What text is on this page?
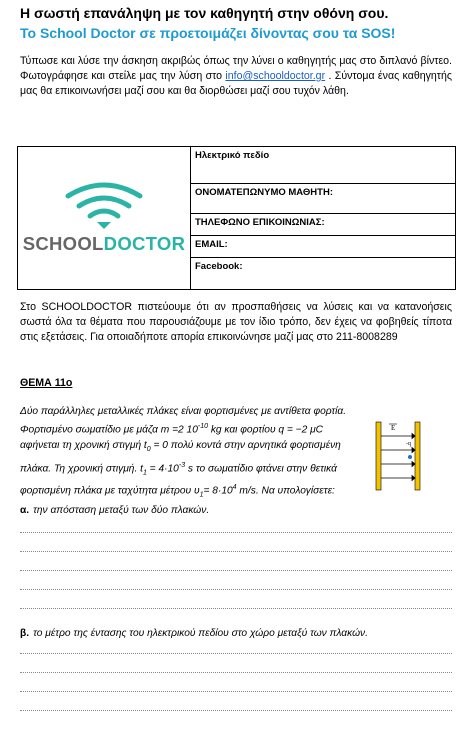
Η σωστή επανάληψη με τον καθηγητή στην οθόνη σου.
Το School Doctor σε προετοιμάζει δίνοντας σου τα SOS!
Τύπωσε και λύσε την άσκηση ακριβώς όπως την λύνει ο καθηγητής μας στο διπλανό βίντεο. Φωτογράφησε και στείλε μας την λύση στο info@schooldoctor.gr . Σύντομα ένας καθηγητής μας θα επικοινωνήσει μαζί σου και θα διορθώσει μαζί σου τυχόν λάθη.
SCHOOLDOCTOR
	Ηλεκτρικό πεδίο
ΟΝΟΜΑΤΕΠΩΝΥΜΟ ΜΑΘΗΤΗ:
ΤΗΛΕΦΩΝΟ ΕΠΙΚΟΙΝΩΝΙΑΣ:
EMAIL:
Facebook:
Στο SCHOOLDOCTOR πιστεύουμε ότι αν προσπαθήσεις να λύσεις και να κατανοήσεις σωστά όλα τα θέματα που παρουσιάζουμε με τον ίδιο τρόπο, δεν έχεις να φοβηθείς τίποτα στις εξετάσεις. Για οποιαδήποτε απορία επικοινώνησε μαζί μας στο 211-8008289
ΘΕΜΑ 11ο
Δύο παράλληλες μεταλλικές πλάκες είναι φορτισμένες με αντίθετα φορτία. Φορτισμένο σωματίδιο με μάζα m =2 $10^{-10}$ kg και φορτίου q = −2 μC αφήνεται τη χρονική στιγμή $t_0 = 0$ πολύ κοντά στην αρνητικά φορτισμένη πλάκα. Τη χρονική στιγμή. $t_1 = 4\cdot 10^{-3}$ s το σωματίδιο φτάνει στην θετικά φορτισμένη πλάκα με ταχύτητα μέτρου $\upsilon_1= 8\cdot 10^4$ m/s. Να υπολογίσετε:
E
-q
α. την απόσταση μεταξύ των δύο πλακών.
β. το μέτρο της έντασης του ηλεκτρικού πεδίου στο χώρο μεταξύ των πλακών.
